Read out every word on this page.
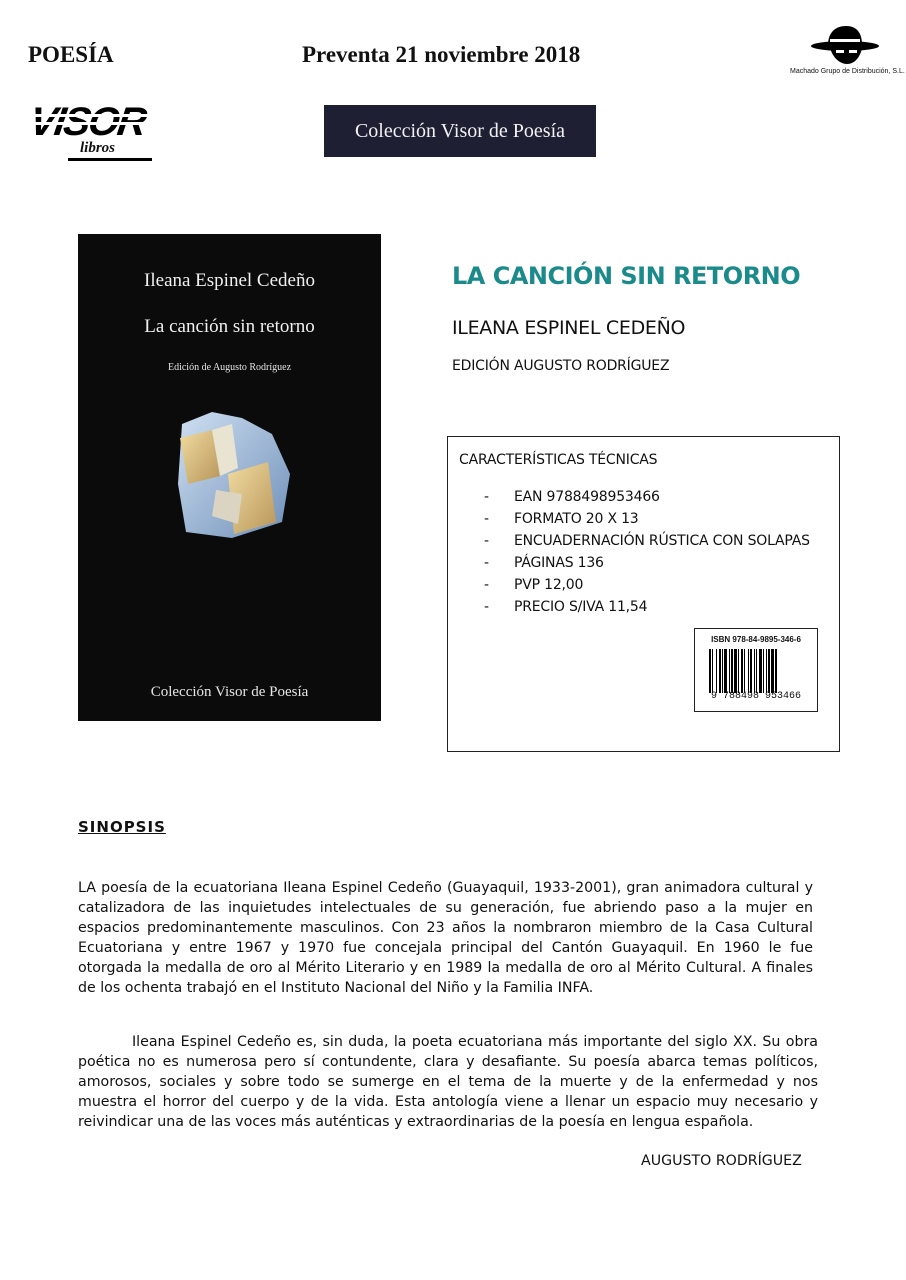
POESÍA	Preventa 21 noviembre 2018
Machado Grupo de Distribución, S.L.
libros
Colección Visor de Poesía
Ileana Espinel Cedeño
La canción sin retorno
Edición de Augusto Rodríguez
Colección Visor de Poesía
LA CANCIÓN SIN RETORNO
ILEANA ESPINEL CEDEÑO
EDICIÓN AUGUSTO RODRÍGUEZ
CARACTERÍSTICAS TÉCNICAS
- EAN 9788498953466
- FORMATO 20 X 13
- ENCUADERNACIÓN RÚSTICA CON SOLAPAS
- PÁGINAS 136
- PVP 12,00
- PRECIO S/IVA 11,54
ISBN 978-84-9895-346-6
9 788498 953466
SINOPSIS

LA poesía de la ecuatoriana Ileana Espinel Cedeño (Guayaquil, 1933-2001), gran animadora cultural y catalizadora de las inquietudes intelectuales de su generación, fue abriendo paso a la mujer en espacios predominantemente masculinos. Con 23 años la nombraron miembro de la Casa Cultural Ecuatoriana y entre 1967 y 1970 fue concejala principal del Cantón Guayaquil. En 1960 le fue otorgada la medalla de oro al Mérito Literario y en 1989 la medalla de oro al Mérito Cultural. A finales de los ochenta trabajó en el Instituto Nacional del Niño y la Familia INFA.

Ileana Espinel Cedeño es, sin duda, la poeta ecuatoriana más importante del siglo XX. Su obra poética no es numerosa pero sí contundente, clara y desafiante. Su poesía abarca temas políticos, amorosos, sociales y sobre todo se sumerge en el tema de la muerte y de la enfermedad y nos muestra el horror del cuerpo y de la vida. Esta antología viene a llenar un espacio muy necesario y reivindicar una de las voces más auténticas y extraordinarias de la poesía en lengua española.

AUGUSTO RODRÍGUEZ
